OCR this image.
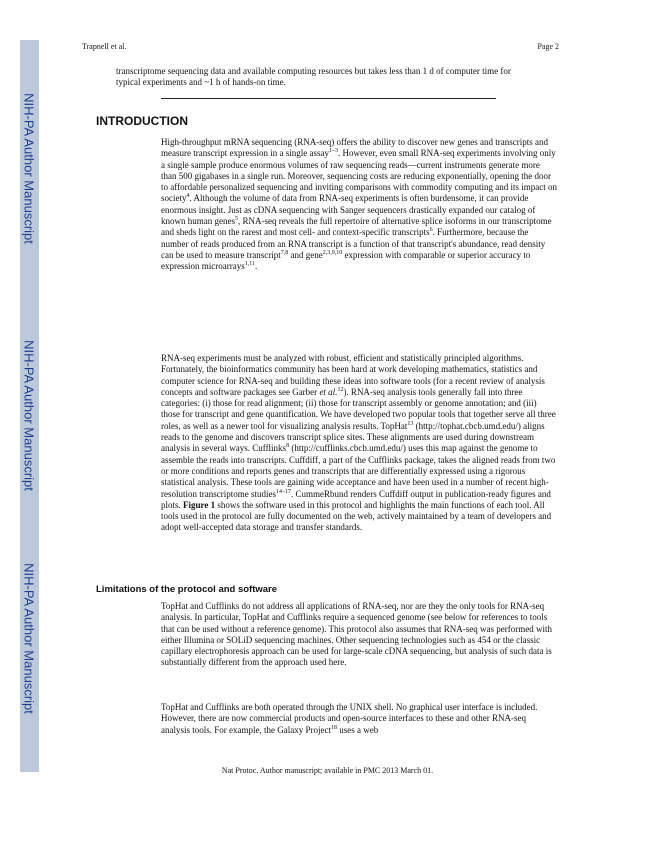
NIH-PA Author Manuscript
NIH-PA Author Manuscript
NIH-PA Author Manuscript
Trapnell et al.	Page 2

transcriptome sequencing data and available computing resources but takes less than 1 d of computer time for typical experiments and ~1 h of hands-on time.

INTRODUCTION

High-throughput mRNA sequencing (RNA-seq) offers the ability to discover new genes and transcripts and measure transcript expression in a single assay$^{1-3}$. However, even small RNA-seq experiments involving only a single sample produce enormous volumes of raw sequencing reads—current instruments generate more than 500 gigabases in a single run. Moreover, sequencing costs are reducing exponentially, opening the door to affordable personalized sequencing and inviting comparisons with commodity computing and its impact on society$^4$. Although the volume of data from RNA-seq experiments is often burdensome, it can provide enormous insight. Just as cDNA sequencing with Sanger sequencers drastically expanded our catalog of known human genes$^5$, RNA-seq reveals the full repertoire of alternative splice isoforms in our transcriptome and sheds light on the rarest and most cell- and context-specific transcripts$^6$. Furthermore, because the number of reads produced from an RNA transcript is a function of that transcript's abundance, read density can be used to measure transcript$^{7,8}$ and gene$^{2,3,9,10}$ expression with comparable or superior accuracy to expression microarrays$^{1,11}$.

RNA-seq experiments must be analyzed with robust, efficient and statistically principled algorithms. Fortunately, the bioinformatics community has been hard at work developing mathematics, statistics and computer science for RNA-seq and building these ideas into software tools (for a recent review of analysis concepts and software packages see Garber et al.$^{12}$). RNA-seq analysis tools generally fall into three categories: (i) those for read alignment; (ii) those for transcript assembly or genome annotation; and (iii) those for transcript and gene quantification. We have developed two popular tools that together serve all three roles, as well as a newer tool for visualizing analysis results. TopHat$^{13}$ (http://tophat.cbcb.umd.edu/) aligns reads to the genome and discovers transcript splice sites. These alignments are used during downstream analysis in several ways. Cufflinks$^8$ (http://cufflinks.cbcb.umd.edu/) uses this map against the genome to assemble the reads into transcripts. Cuffdiff, a part of the Cufflinks package, takes the aligned reads from two or more conditions and reports genes and transcripts that are differentially expressed using a rigorous statistical analysis. These tools are gaining wide acceptance and have been used in a number of recent high-resolution transcriptome studies$^{14-17}$. CummeRbund renders Cuffdiff output in publication-ready figures and plots. Figure 1 shows the software used in this protocol and highlights the main functions of each tool. All tools used in the protocol are fully documented on the web, actively maintained by a team of developers and adopt well-accepted data storage and transfer standards.

Limitations of the protocol and software

TopHat and Cufflinks do not address all applications of RNA-seq, nor are they the only tools for RNA-seq analysis. In particular, TopHat and Cufflinks require a sequenced genome (see below for references to tools that can be used without a reference genome). This protocol also assumes that RNA-seq was performed with either Illumina or SOLiD sequencing machines. Other sequencing technologies such as 454 or the classic capillary electrophoresis approach can be used for large-scale cDNA sequencing, but analysis of such data is substantially different from the approach used here.

TopHat and Cufflinks are both operated through the UNIX shell. No graphical user interface is included. However, there are now commercial products and open-source interfaces to these and other RNA-seq analysis tools. For example, the Galaxy Project$^{18}$ uses a web

Nat Protoc. Author manuscript; available in PMC 2013 March 01.
